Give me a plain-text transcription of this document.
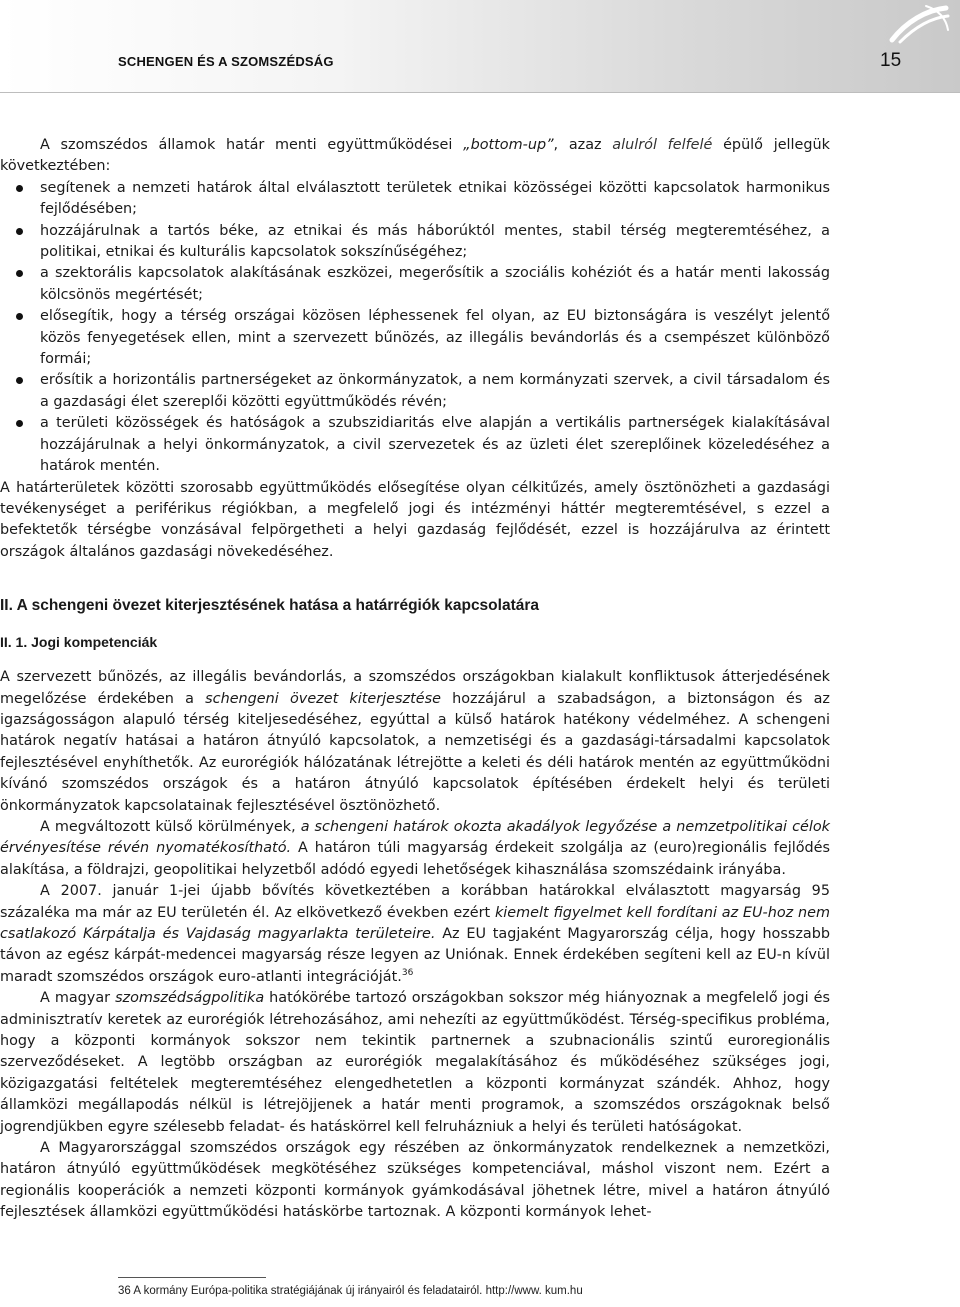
SCHENGEN ÉS A SZOMSZÉDSÁG	15

A szomszédos államok határ menti együttműködései „bottom-up”, azaz alulról felfelé épülő jellegük következtében:

segítenek a nemzeti határok által elválasztott területek etnikai közösségei közötti kapcsolatok harmonikus fejlődésében;
hozzájárulnak a tartós béke, az etnikai és más háborúktól mentes, stabil térség megteremtéséhez, a politikai, etnikai és kulturális kapcsolatok sokszínűségéhez;
a szektorális kapcsolatok alakításának eszközei, megerősítik a szociális kohéziót és a határ menti lakosság kölcsönös megértését;
elősegítik, hogy a térség országai közösen léphessenek fel olyan, az EU biztonságára is veszélyt jelentő közös fenyegetések ellen, mint a szervezett bűnözés, az illegális bevándorlás és a csempészet különböző formái;
erősítik a horizontális partnerségeket az önkormányzatok, a nem kormányzati szervek, a civil társadalom és a gazdasági élet szereplői közötti együttműködés révén;
a területi közösségek és hatóságok a szubszidiaritás elve alapján a vertikális partnerségek kialakításával hozzájárulnak a helyi önkormányzatok, a civil szervezetek és az üzleti élet szereplőinek közeledéséhez a határok mentén.

A határterületek közötti szorosabb együttműködés elősegítése olyan célkitűzés, amely ösztönözheti a gazdasági tevékenységet a periférikus régiókban, a megfelelő jogi és intézményi háttér megteremtésével, s ezzel a befektetők térségbe vonzásával felpörgetheti a helyi gazdaság fejlődését, ezzel is hozzájárulva az érintett országok általános gazdasági növekedéséhez.

II. A schengeni övezet kiterjesztésének hatása a határrégiók kapcsolatára
II. 1. Jogi kompetenciák

A szervezett bűnözés, az illegális bevándorlás, a szomszédos országokban kialakult konfliktusok átterjedésének megelőzése érdekében a schengeni övezet kiterjesztése hozzájárul a szabadságon, a biztonságon és az igazságosságon alapuló térség kiteljesedéséhez, egyúttal a külső határok hatékony védelméhez. A schengeni határok negatív hatásai a határon átnyúló kapcsolatok, a nemzetiségi és a gazdasági-társadalmi kapcsolatok fejlesztésével enyhíthetők. Az eurorégiók hálózatának létrejötte a keleti és déli határok mentén az együttműködni kívánó szomszédos országok és a határon átnyúló kapcsolatok építésében érdekelt helyi és területi önkormányzatok kapcsolatainak fejlesztésével ösztönözhető.

A megváltozott külső körülmények, a schengeni határok okozta akadályok legyőzése a nemzetpolitikai célok érvényesítése révén nyomatékosítható. A határon túli magyarság érdekeit szolgálja az (euro)regionális fejlődés alakítása, a földrajzi, geopolitikai helyzetből adódó egyedi lehetőségek kihasználása szomszédaink irányába.

A 2007. január 1-jei újabb bővítés következtében a korábban határokkal elválasztott magyarság 95 százaléka ma már az EU területén él. Az elkövetkező években ezért kiemelt figyelmet kell fordítani az EU-hoz nem csatlakozó Kárpátalja és Vajdaság magyarlakta területeire. Az EU tagjaként Magyarország célja, hogy hosszabb távon az egész kárpát-medencei magyarság része legyen az Uniónak. Ennek érdekében segíteni kell az EU-n kívül maradt szomszédos országok euro-atlanti integrációját.$^{36}$

A magyar szomszédságpolitika hatókörébe tartozó országokban sokszor még hiányoznak a megfelelő jogi és adminisztratív keretek az eurorégiók létrehozásához, ami nehezíti az együttműködést. Térség-specifikus probléma, hogy a központi kormányok sokszor nem tekintik partnernek a szubnacionális szintű euroregionális szerveződéseket. A legtöbb országban az eurorégiók megalakításához és működéséhez szükséges jogi, közigazgatási feltételek megteremtéséhez elengedhetetlen a központi kormányzat szándék. Ahhoz, hogy államközi megállapodás nélkül is létrejöjjenek a határ menti programok, a szomszédos országoknak belső jogrendjükben egyre szélesebb feladat- és hatáskörrel kell felruházniuk a helyi és területi hatóságokat.

A Magyarországgal szomszédos országok egy részében az önkormányzatok rendelkeznek a nemzetközi, határon átnyúló együttműködések megkötéséhez szükséges kompetenciával, máshol viszont nem. Ezért a regionális kooperációk a nemzeti központi kormányok gyámkodásával jöhetnek létre, mivel a határon átnyúló fejlesztések államközi együttműködési hatáskörbe tartoznak. A központi kormányok lehet-

36 A kormány Európa-politika stratégiájának új irányairól és feladatairól. http://www. kum.hu
